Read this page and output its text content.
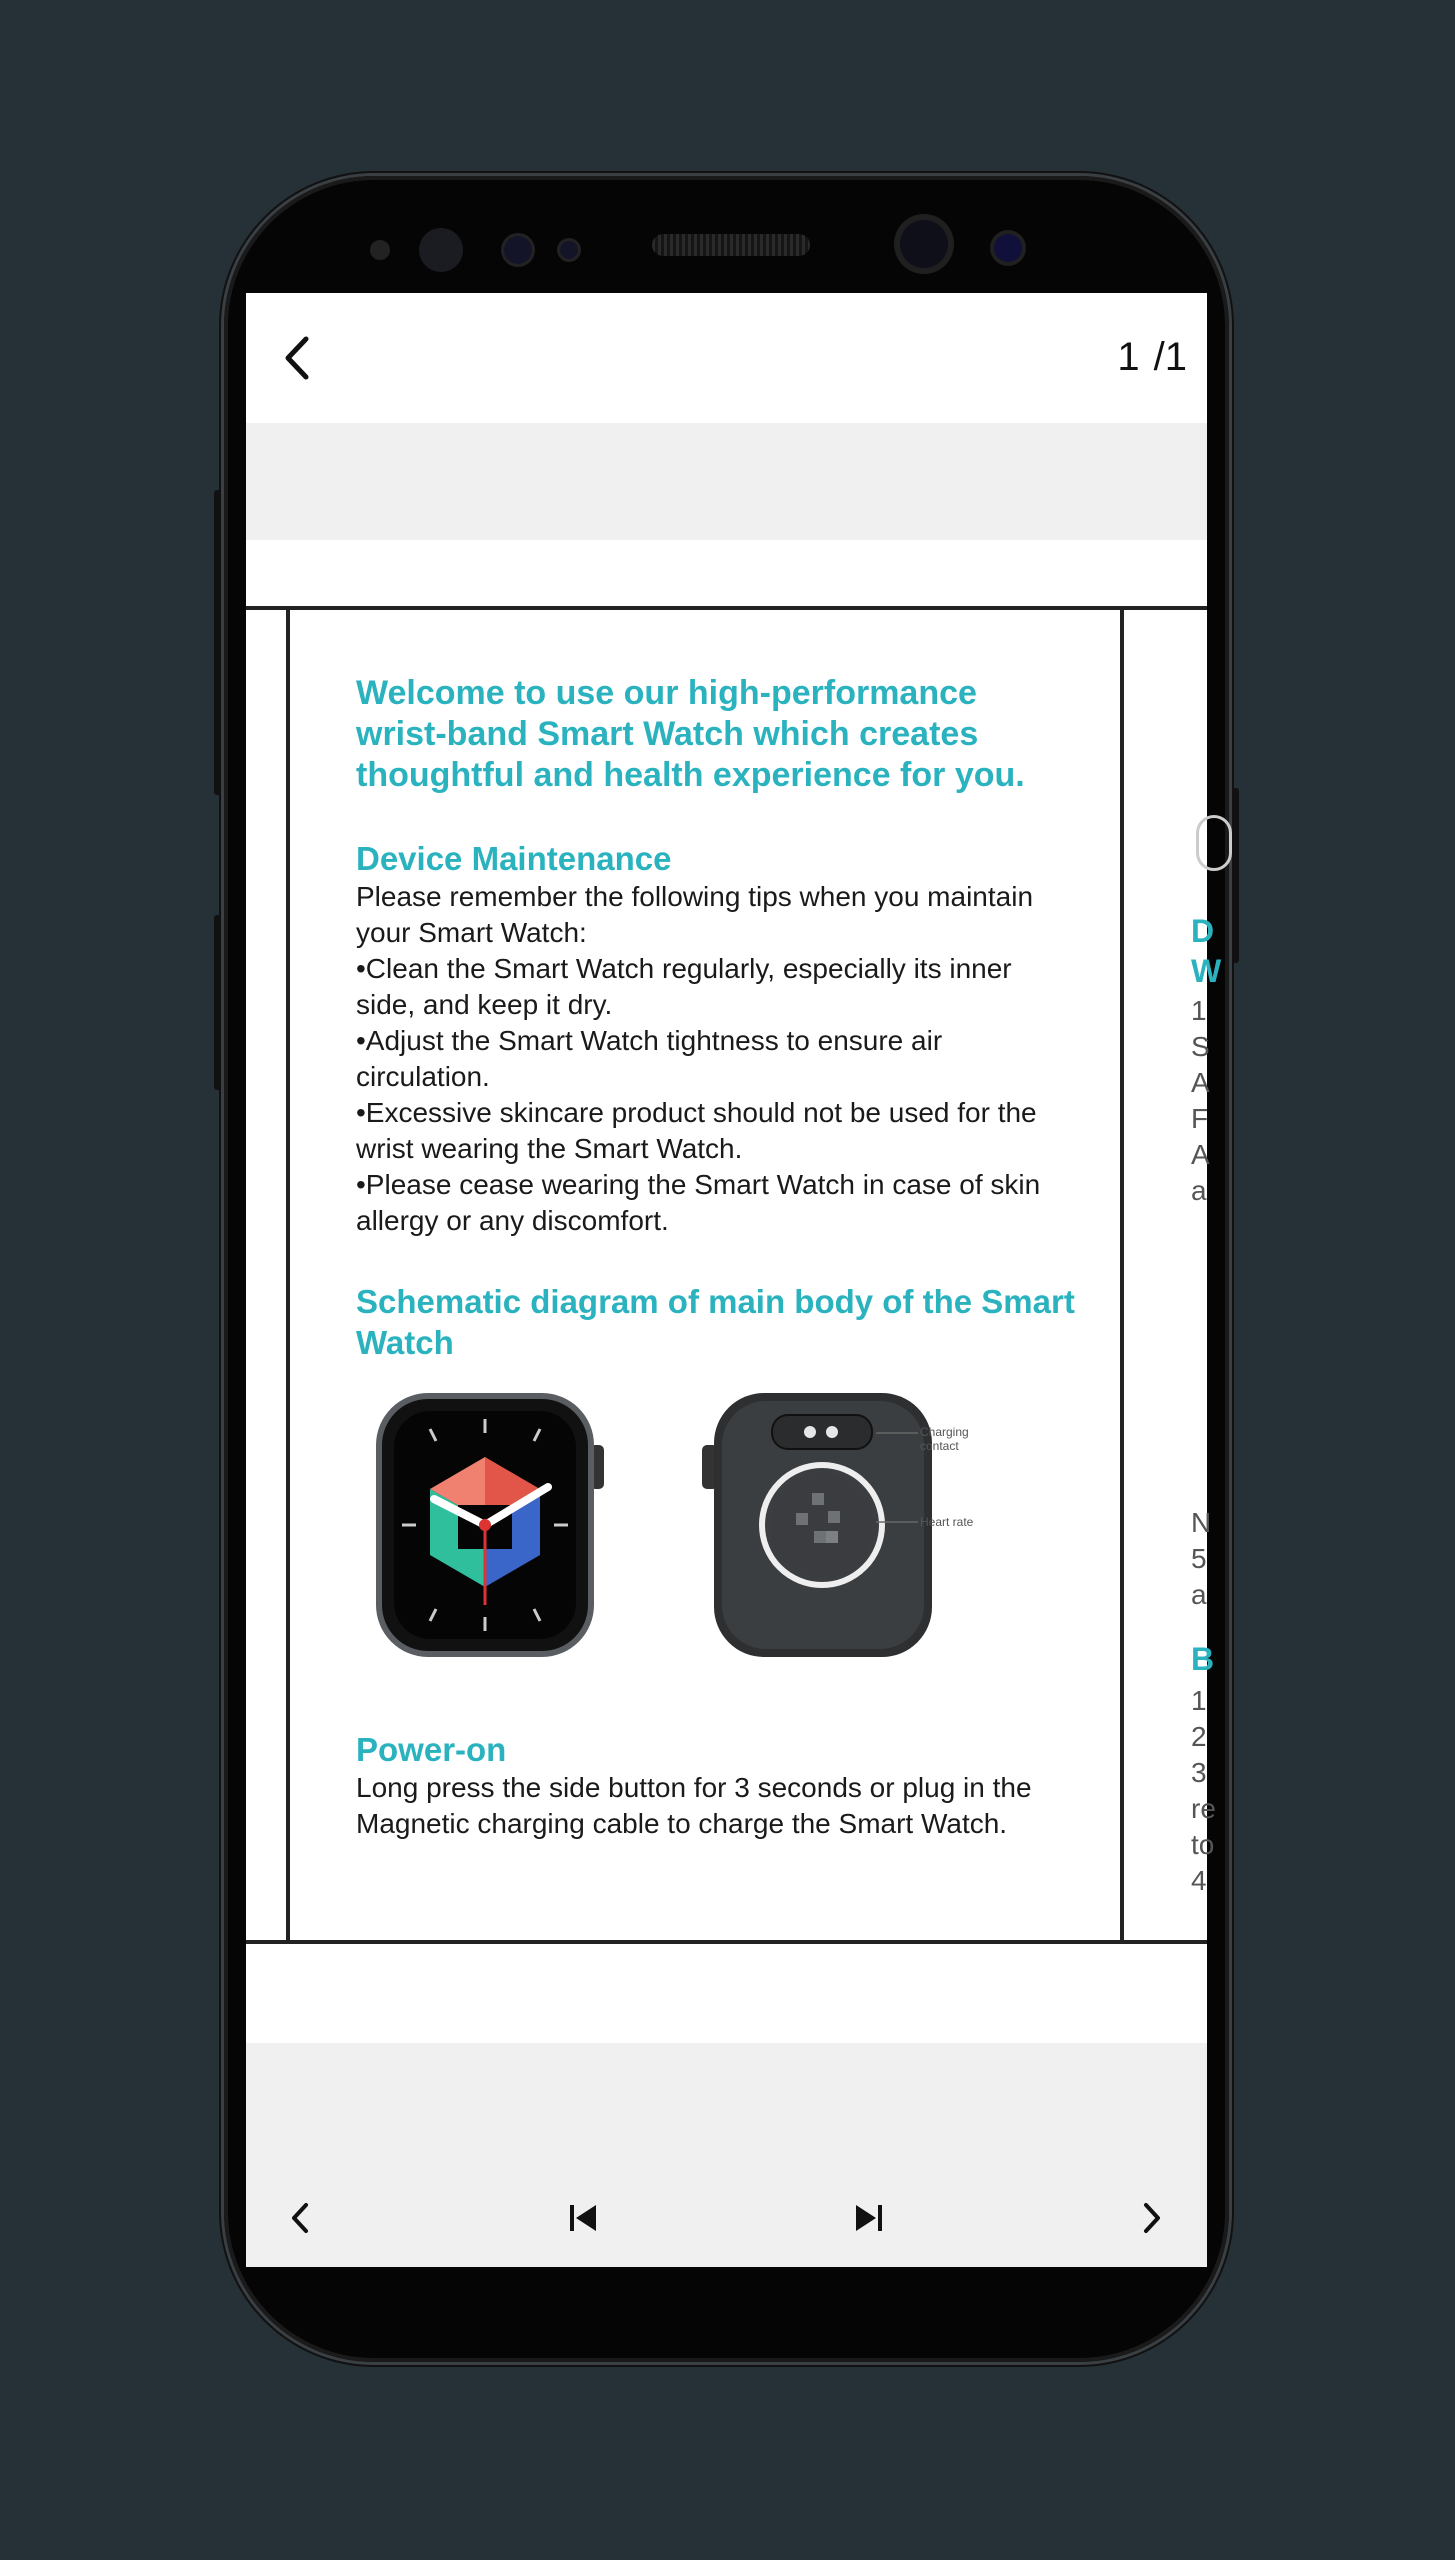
1 /1

Welcome to use our high-performance wrist-band Smart Watch which creates thoughtful and health experience for you.

Device Maintenance

Please remember the following tips when you maintain your Smart Watch:

•Clean the Smart Watch regularly, especially its inner side, and keep it dry.

•Adjust the Smart Watch tightness to ensure air circulation.

•Excessive skincare product should not be used for the wrist wearing the Smart Watch.

•Please cease wearing the Smart Watch in case of skin allergy or any discomfort.

Schematic diagram of main body of the Smart Watch

Charging contact
Heart rate

Power-on

Long press the side button for 3 seconds or plug in the Magnetic charging cable to charge the Smart Watch.

D
W
1
S
A
F
A
a
N
5
a
B
1
2
3
re
to
4
